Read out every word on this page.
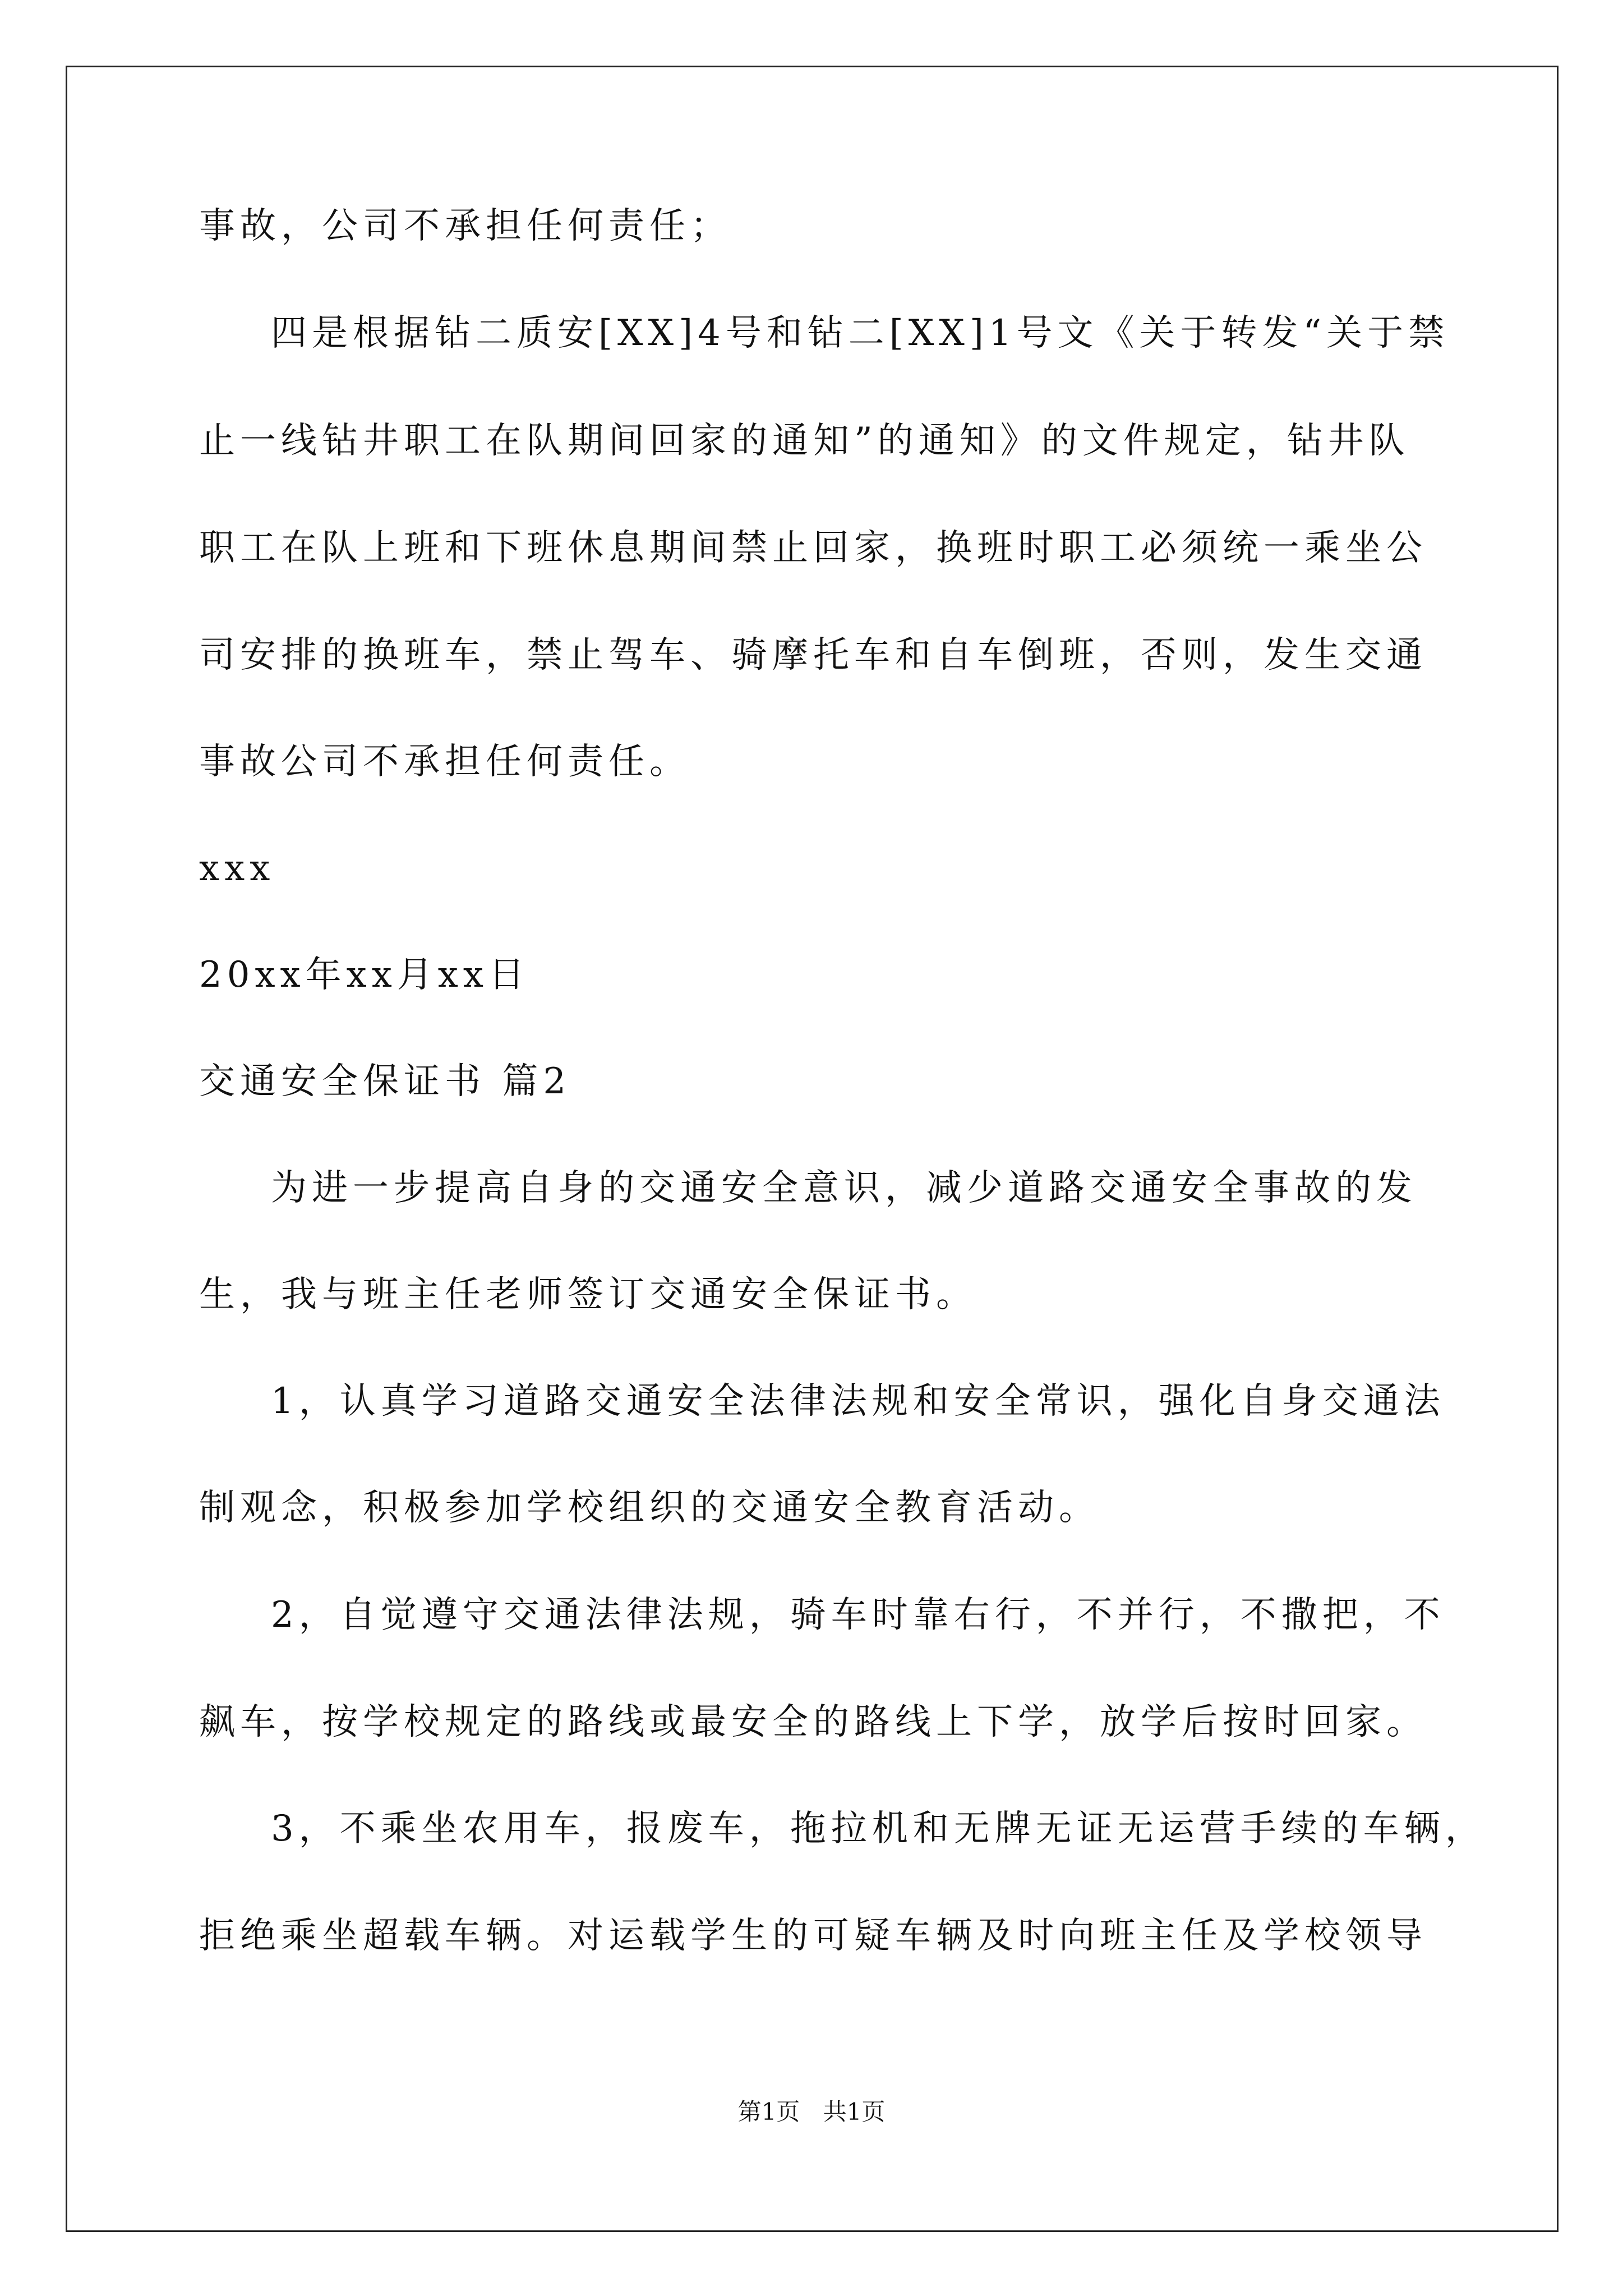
事故，公司不承担任何责任；
四是根据钻二质安[XX]4号和钻二[XX]1号文《关于转发“关于禁
止一线钻井职工在队期间回家的通知”的通知》的文件规定，钻井队
职工在队上班和下班休息期间禁止回家，换班时职工必须统一乘坐公
司安排的换班车，禁止驾车、骑摩托车和自车倒班，否则，发生交通
事故公司不承担任何责任。
xxx
20xx年xx月xx日
交通安全保证书 篇2
为进一步提高自身的交通安全意识，减少道路交通安全事故的发
生，我与班主任老师签订交通安全保证书。
1，认真学习道路交通安全法律法规和安全常识，强化自身交通法
制观念，积极参加学校组织的交通安全教育活动。
2，自觉遵守交通法律法规，骑车时靠右行，不并行，不撒把，不
飙车，按学校规定的路线或最安全的路线上下学，放学后按时回家。
3，不乘坐农用车，报废车，拖拉机和无牌无证无运营手续的车辆，
拒绝乘坐超载车辆。对运载学生的可疑车辆及时向班主任及学校领导
第1页 共1页
